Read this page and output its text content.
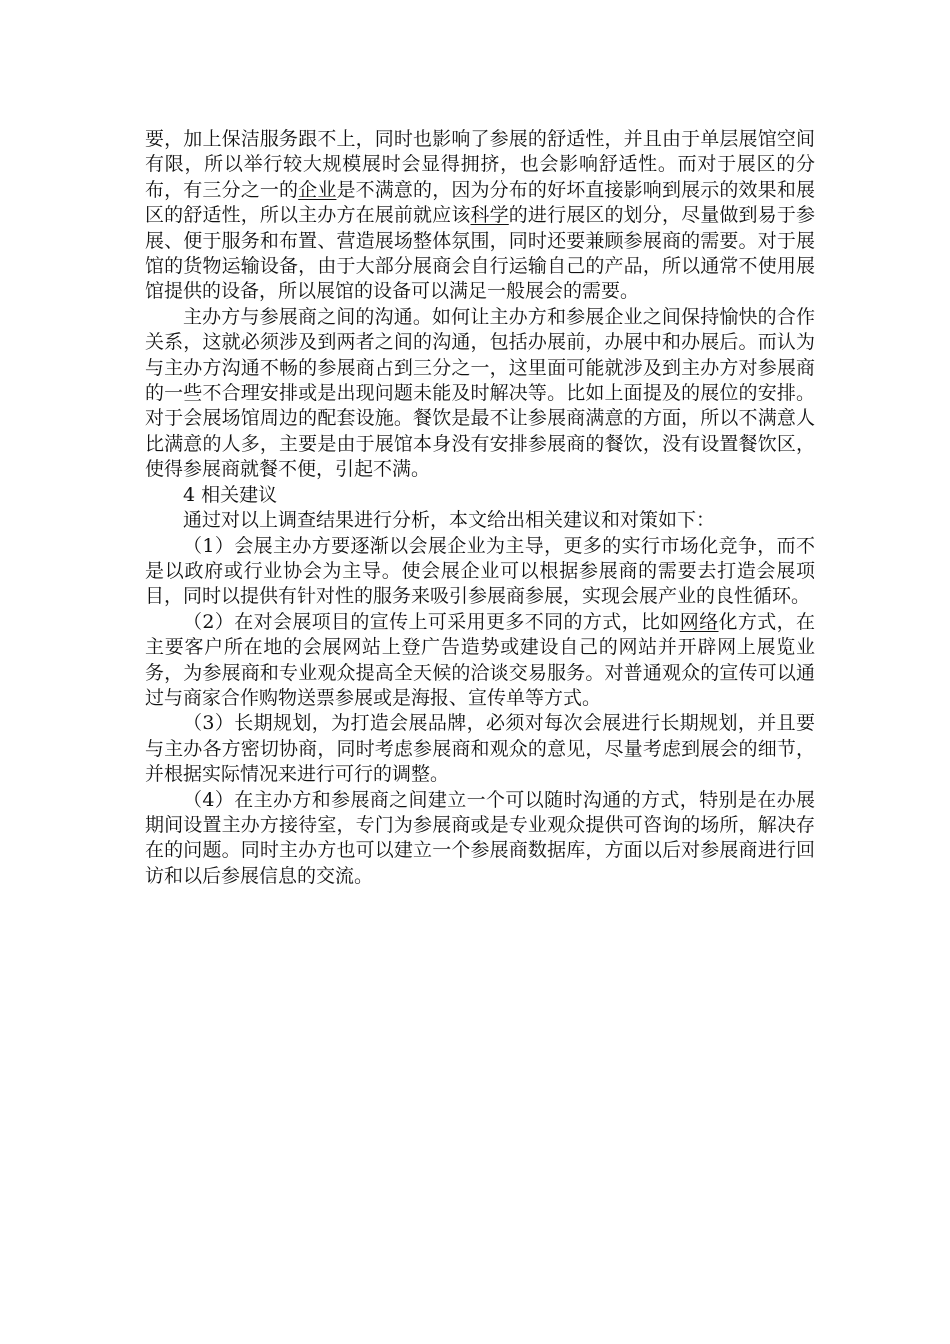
要，加上保洁服务跟不上，同时也影响了参展的舒适性，并且由于单层展馆空间有限，所以举行较大规模展时会显得拥挤，也会影响舒适性。而对于展区的分布，有三分之一的企业是不满意的，因为分布的好坏直接影响到展示的效果和展区的舒适性，所以主办方在展前就应该科学的进行展区的划分，尽量做到易于参展、便于服务和布置、营造展场整体氛围，同时还要兼顾参展商的需要。对于展馆的货物运输设备，由于大部分展商会自行运输自己的产品，所以通常不使用展馆提供的设备，所以展馆的设备可以满足一般展会的需要。

主办方与参展商之间的沟通。如何让主办方和参展企业之间保持愉快的合作关系，这就必须涉及到两者之间的沟通，包括办展前，办展中和办展后。而认为与主办方沟通不畅的参展商占到三分之一，这里面可能就涉及到主办方对参展商的一些不合理安排或是出现问题未能及时解决等。比如上面提及的展位的安排。对于会展场馆周边的配套设施。餐饮是最不让参展商满意的方面，所以不满意人比满意的人多，主要是由于展馆本身没有安排参展商的餐饮，没有设置餐饮区，使得参展商就餐不便，引起不满。

4 相关建议

通过对以上调查结果进行分析，本文给出相关建议和对策如下：

（1）会展主办方要逐渐以会展企业为主导，更多的实行市场化竞争，而不是以政府或行业协会为主导。使会展企业可以根据参展商的需要去打造会展项目，同时以提供有针对性的服务来吸引参展商参展，实现会展产业的良性循环。

（2）在对会展项目的宣传上可采用更多不同的方式，比如网络化方式，在主要客户所在地的会展网站上登广告造势或建设自己的网站并开辟网上展览业务，为参展商和专业观众提高全天候的洽谈交易服务。对普通观众的宣传可以通过与商家合作购物送票参展或是海报、宣传单等方式。

（3）长期规划，为打造会展品牌，必须对每次会展进行长期规划，并且要与主办各方密切协商，同时考虑参展商和观众的意见，尽量考虑到展会的细节，并根据实际情况来进行可行的调整。

（4）在主办方和参展商之间建立一个可以随时沟通的方式，特别是在办展期间设置主办方接待室，专门为参展商或是专业观众提供可咨询的场所，解决存在的问题。同时主办方也可以建立一个参展商数据库，方面以后对参展商进行回访和以后参展信息的交流。
